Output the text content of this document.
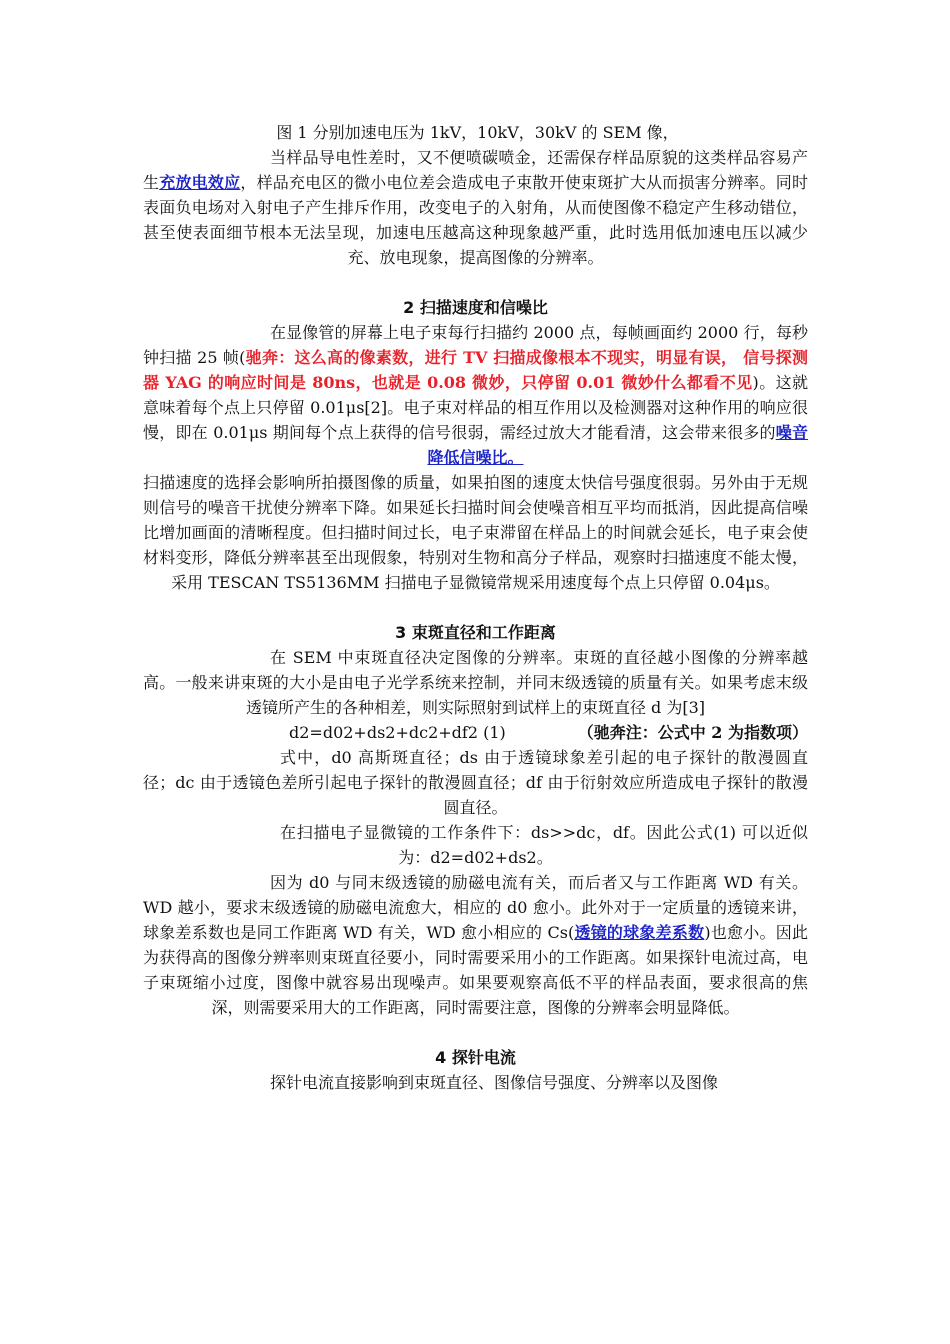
图 1 分别加速电压为 1kV，10kV，30kV 的 SEM 像，

当样品导电性差时，又不便喷碳喷金，还需保存样品原貌的这类样品容易产生充放电效应，样品充电区的微小电位差会造成电子束散开使束斑扩大从而损害分辨率。同时表面负电场对入射电子产生排斥作用，改变电子的入射角，从而使图像不稳定产生移动错位，甚至使表面细节根本无法呈现，加速电压越高这种现象越严重，此时选用低加速电压以减少充、放电现象，提高图像的分辨率。

2 扫描速度和信噪比

在显像管的屏幕上电子束每行扫描约 2000 点，每帧画面约 2000 行，每秒钟扫描 25 帧(驰奔：这么高的像素数，进行 TV 扫描成像根本不现实，明显有误， 信号探测器 YAG 的响应时间是 80ns，也就是 0.08 微妙，只停留 0.01 微妙什么都看不见)。这就意味着每个点上只停留 0.01μs[2]。电子束对样品的相互作用以及检测器对这种作用的响应很慢，即在 0.01μs 期间每个点上获得的信号很弱，需经过放大才能看清，这会带来很多的噪音降低信噪比。

扫描速度的选择会影响所拍摄图像的质量，如果拍图的速度太快信号强度很弱。另外由于无规则信号的噪音干扰使分辨率下降。如果延长扫描时间会使噪音相互平均而抵消，因此提高信噪比增加画面的清晰程度。但扫描时间过长，电子束滞留在样品上的时间就会延长，电子束会使材料变形，降低分辨率甚至出现假象，特别对生物和高分子样品，观察时扫描速度不能太慢，采用 TESCAN TS5136MM 扫描电子显微镜常规采用速度每个点上只停留 0.04μs。

3 束斑直径和工作距离

在 SEM 中束斑直径决定图像的分辨率。束斑的直径越小图像的分辨率越高。一般来讲束斑的大小是由电子光学系统来控制，并同末级透镜的质量有关。如果考虑末级透镜所产生的各种相差，则实际照射到试样上的束斑直径 d 为[3]

d2=d02+ds2+dc2+df2 (1)	（驰奔注：公式中 2 为指数项）

式中，d0 高斯斑直径；ds 由于透镜球象差引起的电子探针的散漫圆直径；dc 由于透镜色差所引起电子探针的散漫圆直径；df 由于衍射效应所造成电子探针的散漫圆直径。

在扫描电子显微镜的工作条件下：ds>>dc，df。因此公式(1) 可以近似为：d2=d02+ds2。

因为 d0 与同末级透镜的励磁电流有关，而后者又与工作距离 WD 有关。WD 越小，要求末级透镜的励磁电流愈大，相应的 d0 愈小。此外对于一定质量的透镜来讲，球象差系数也是同工作距离 WD 有关，WD 愈小相应的 Cs(透镜的球象差系数)也愈小。因此为获得高的图像分辨率则束斑直径要小，同时需要采用小的工作距离。如果探针电流过高，电子束斑缩小过度，图像中就容易出现噪声。如果要观察高低不平的样品表面，要求很高的焦深，则需要采用大的工作距离，同时需要注意，图像的分辨率会明显降低。

4 探针电流

探针电流直接影响到束斑直径、图像信号强度、分辨率以及图像
